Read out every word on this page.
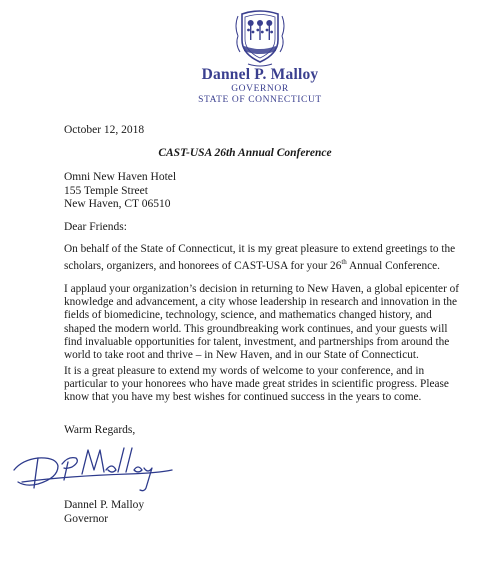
Dannel P. Malloy
GOVERNOR
STATE OF CONNECTICUT
October 12, 2018
CAST-USA 26th Annual Conference
Omni New Haven Hotel
155 Temple Street
New Haven, CT 06510
Dear Friends:
On behalf of the State of Connecticut, it is my great pleasure to extend greetings to the scholars, organizers, and honorees of CAST-USA for your 26th Annual Conference.
I applaud your organization’s decision in returning to New Haven, a global epicenter of knowledge and advancement, a city whose leadership in research and innovation in the fields of biomedicine, technology, science, and mathematics changed history, and shaped the modern world. This groundbreaking work continues, and your guests will find invaluable opportunities for talent, investment, and partnerships from around the world to take root and thrive – in New Haven, and in our State of Connecticut.
It is a great pleasure to extend my words of welcome to your conference, and in particular to your honorees who have made great strides in scientific progress. Please know that you have my best wishes for continued success in the years to come.
Warm Regards,
Dannel P. Malloy
Governor
